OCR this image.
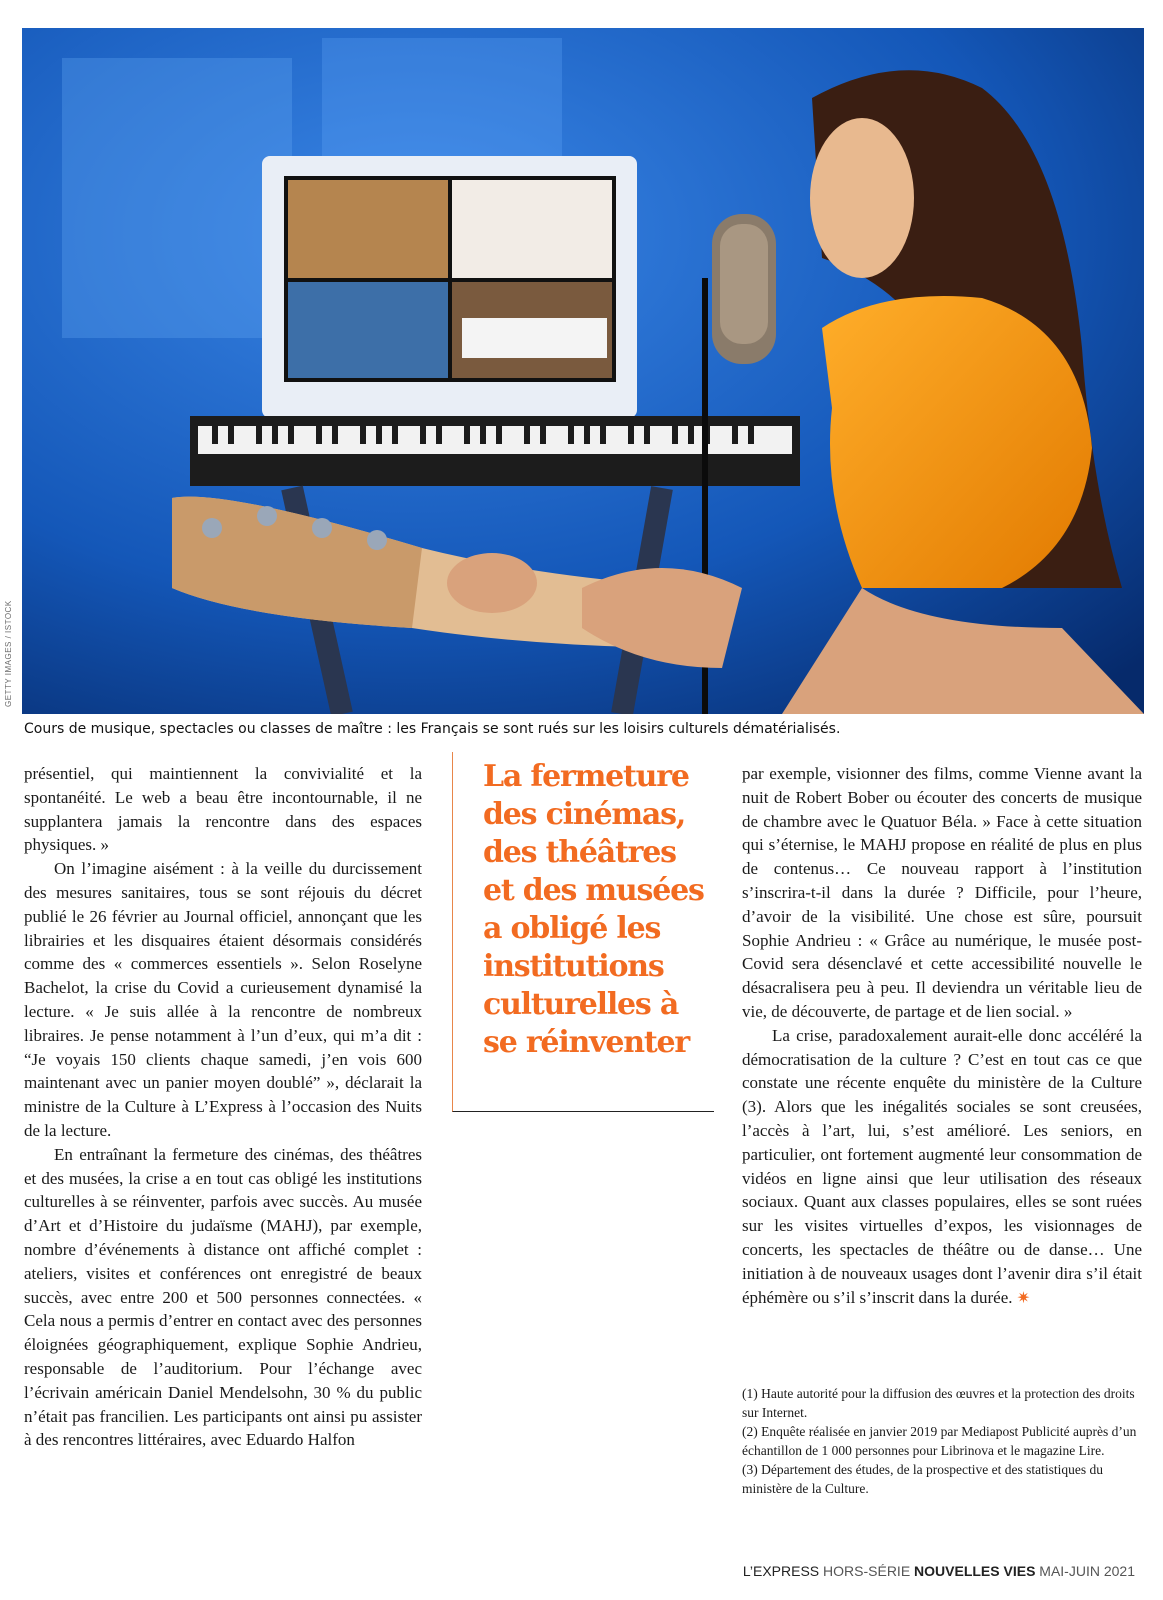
GETTY IMAGES / ISTOCK
Cours de musique, spectacles ou classes de maître : les Français se sont rués sur les loisirs culturels dématérialisés.

présentiel, qui maintiennent la convivialité et la spontanéité. Le web a beau être incontournable, il ne supplantera jamais la rencontre dans des espaces physiques. »

On l’imagine aisément : à la veille du durcissement des mesures sanitaires, tous se sont réjouis du décret publié le 26 février au Journal officiel, annonçant que les librairies et les disquaires étaient désormais considérés comme des « commerces essentiels ». Selon Roselyne Bachelot, la crise du Covid a curieusement dynamisé la lecture. « Je suis allée à la rencontre de nombreux libraires. Je pense notamment à l’un d’eux, qui m’a dit : “Je voyais 150 clients chaque samedi, j’en vois 600 maintenant avec un panier moyen doublé” », déclarait la ministre de la Culture à L’Express à l’occasion des Nuits de la lecture.

En entraînant la fermeture des cinémas, des théâtres et des musées, la crise a en tout cas obligé les institutions culturelles à se réinventer, parfois avec succès. Au musée d’Art et d’Histoire du judaïsme (MAHJ), par exemple, nombre d’événements à distance ont affiché complet : ateliers, visites et conférences ont enregistré de beaux succès, avec entre 200 et 500 personnes connectées. « Cela nous a permis d’entrer en contact avec des personnes éloignées géographiquement, explique Sophie Andrieu, responsable de l’auditorium. Pour l’échange avec l’écrivain américain Daniel Mendelsohn, 30 % du public n’était pas francilien. Les participants ont ainsi pu assister à des rencontres littéraires, avec Eduardo Halfon

La fermeture des cinémas, des théâtres et des musées a obligé les institutions culturelles à se réinventer

par exemple, visionner des films, comme Vienne avant la nuit de Robert Bober ou écouter des concerts de musique de chambre avec le Quatuor Béla. » Face à cette situation qui s’éternise, le MAHJ propose en réalité de plus en plus de contenus… Ce nouveau rapport à l’institution s’inscrira-t-il dans la durée ? Difficile, pour l’heure, d’avoir de la visibilité. Une chose est sûre, poursuit Sophie Andrieu : « Grâce au numérique, le musée post-Covid sera désenclavé et cette accessibilité nouvelle le désacralisera peu à peu. Il deviendra un véritable lieu de vie, de découverte, de partage et de lien social. »

La crise, paradoxalement aurait-elle donc accéléré la démocratisation de la culture ? C’est en tout cas ce que constate une récente enquête du ministère de la Culture (3). Alors que les inégalités sociales se sont creusées, l’accès à l’art, lui, s’est amélioré. Les seniors, en particulier, ont fortement augmenté leur consommation de vidéos en ligne ainsi que leur utilisation des réseaux sociaux. Quant aux classes populaires, elles se sont ruées sur les visites virtuelles d’expos, les visionnages de concerts, les spectacles de théâtre ou de danse… Une initiation à de nouveaux usages dont l’avenir dira s’il était éphémère ou s’il s’inscrit dans la durée. ✷

(1) Haute autorité pour la diffusion des œuvres et la protection des droits sur Internet.
(2) Enquête réalisée en janvier 2019 par Mediapost Publicité auprès d’un échantillon de 1 000 personnes pour Librinova et le magazine Lire.
(3) Département des études, de la prospective et des statistiques du ministère de la Culture.
L’EXPRESS HORS-SÉRIE NOUVELLES VIES MAI-JUIN 2021
